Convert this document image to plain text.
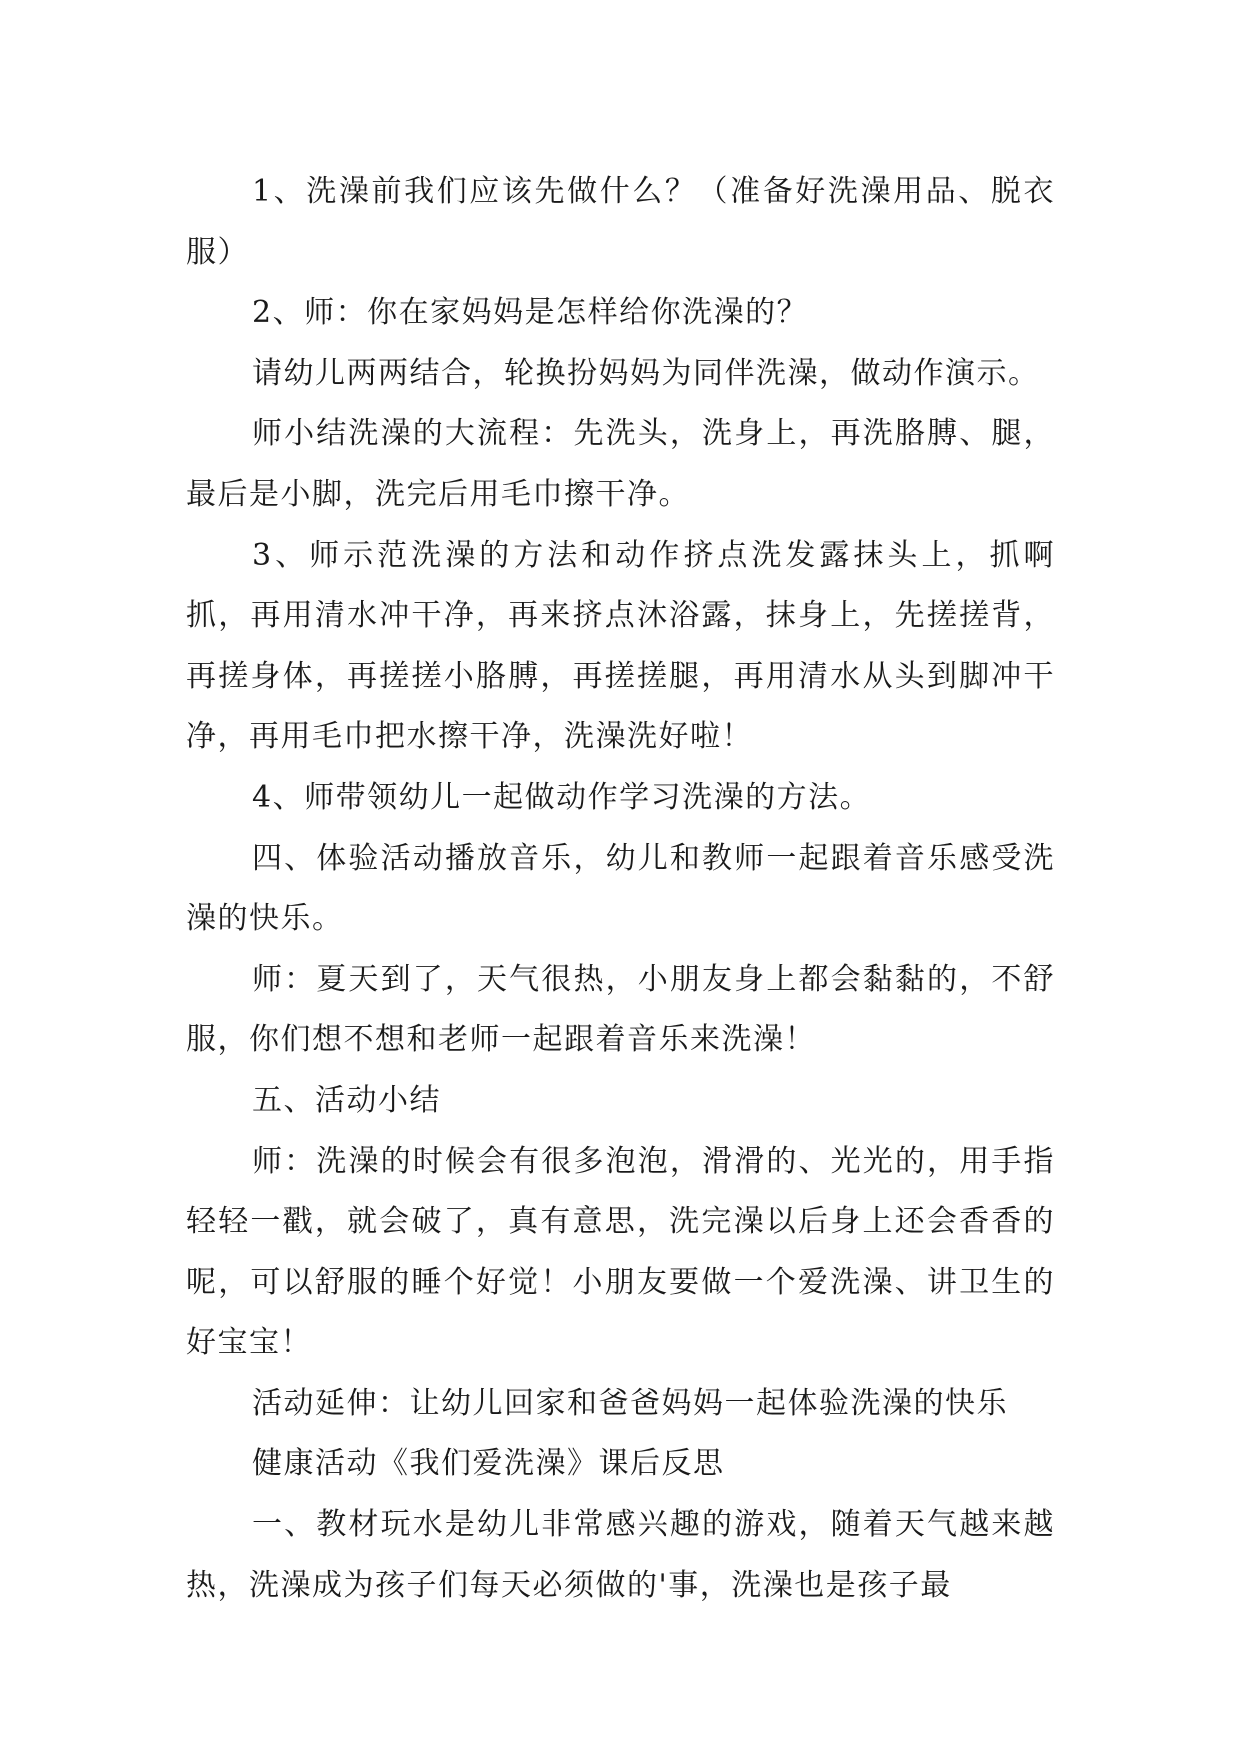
1、洗澡前我们应该先做什么？（准备好洗澡用品、脱衣服）

2、师：你在家妈妈是怎样给你洗澡的？

请幼儿两两结合，轮换扮妈妈为同伴洗澡，做动作演示。

师小结洗澡的大流程：先洗头，洗身上，再洗胳膊、腿，最后是小脚，洗完后用毛巾擦干净。

3、师示范洗澡的方法和动作挤点洗发露抹头上，抓啊抓，再用清水冲干净，再来挤点沐浴露，抹身上，先搓搓背，再搓身体，再搓搓小胳膊，再搓搓腿，再用清水从头到脚冲干净，再用毛巾把水擦干净，洗澡洗好啦！

4、师带领幼儿一起做动作学习洗澡的方法。

四、体验活动播放音乐，幼儿和教师一起跟着音乐感受洗澡的快乐。

师：夏天到了，天气很热，小朋友身上都会黏黏的，不舒服，你们想不想和老师一起跟着音乐来洗澡！

五、活动小结

师：洗澡的时候会有很多泡泡，滑滑的、光光的，用手指轻轻一戳，就会破了，真有意思，洗完澡以后身上还会香香的呢，可以舒服的睡个好觉！小朋友要做一个爱洗澡、讲卫生的好宝宝！

活动延伸：让幼儿回家和爸爸妈妈一起体验洗澡的快乐

健康活动《我们爱洗澡》课后反思

一、教材玩水是幼儿非常感兴趣的游戏，随着天气越来越热，洗澡成为孩子们每天必须做的'事，洗澡也是孩子最
